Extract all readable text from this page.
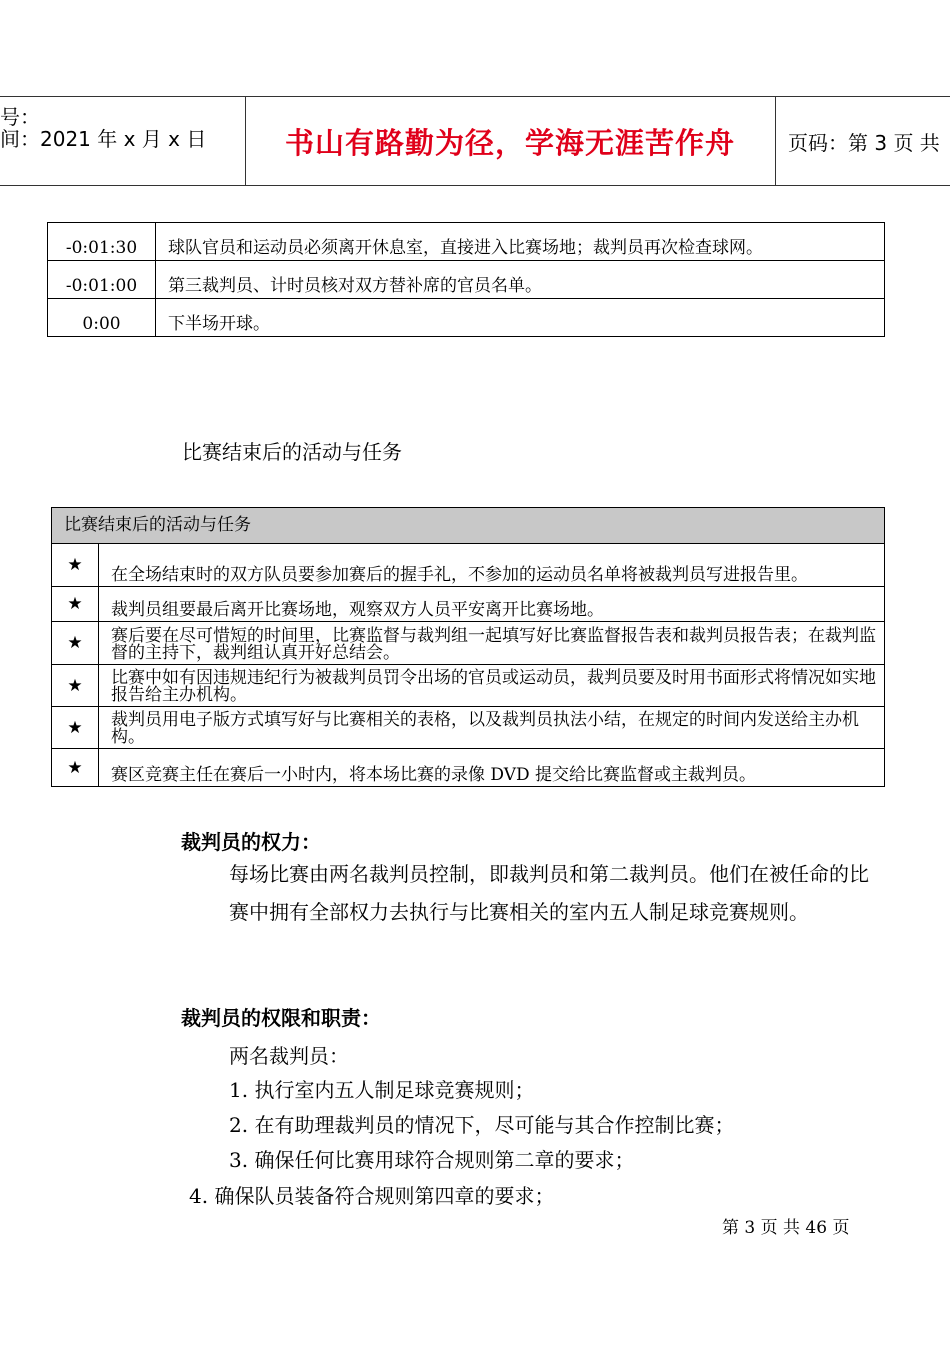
号：
间：2021 年 x 月 x 日	书山有路勤为径，学海无涯苦作舟	页码：第 3 页 共
-0:01:30	球队官员和运动员必须离开休息室，直接进入比赛场地；裁判员再次检查球网。
-0:01:00	第三裁判员、计时员核对双方替补席的官员名单。
0:00	下半场开球。
比赛结束后的活动与任务
比赛结束后的活动与任务	
★	在全场结束时的双方队员要参加赛后的握手礼，不参加的运动员名单将被裁判员写进报告里。
★	裁判员组要最后离开比赛场地，观察双方人员平安离开比赛场地。
★	赛后要在尽可惜短的时间里，比赛监督与裁判组一起填写好比赛监督报告表和裁判员报告表；在裁判监督的主持下，裁判组认真开好总结会。
★	比赛中如有因违规违纪行为被裁判员罚令出场的官员或运动员，裁判员要及时用书面形式将情况如实地报告给主办机构。
★	裁判员用电子版方式填写好与比赛相关的表格，以及裁判员执法小结，在规定的时间内发送给主办机构。
★	赛区竞赛主任在赛后一小时内，将本场比赛的录像 DVD 提交给比赛监督或主裁判员。
裁判员的权力：
每场比赛由两名裁判员控制，即裁判员和第二裁判员。他们在被任命的比赛中拥有全部权力去执行与比赛相关的室内五人制足球竞赛规则。
裁判员的权限和职责：
两名裁判员：
1. 执行室内五人制足球竞赛规则；
2. 在有助理裁判员的情况下，尽可能与其合作控制比赛；
3. 确保任何比赛用球符合规则第二章的要求；
4. 确保队员装备符合规则第四章的要求；
第 3 页 共 46 页
